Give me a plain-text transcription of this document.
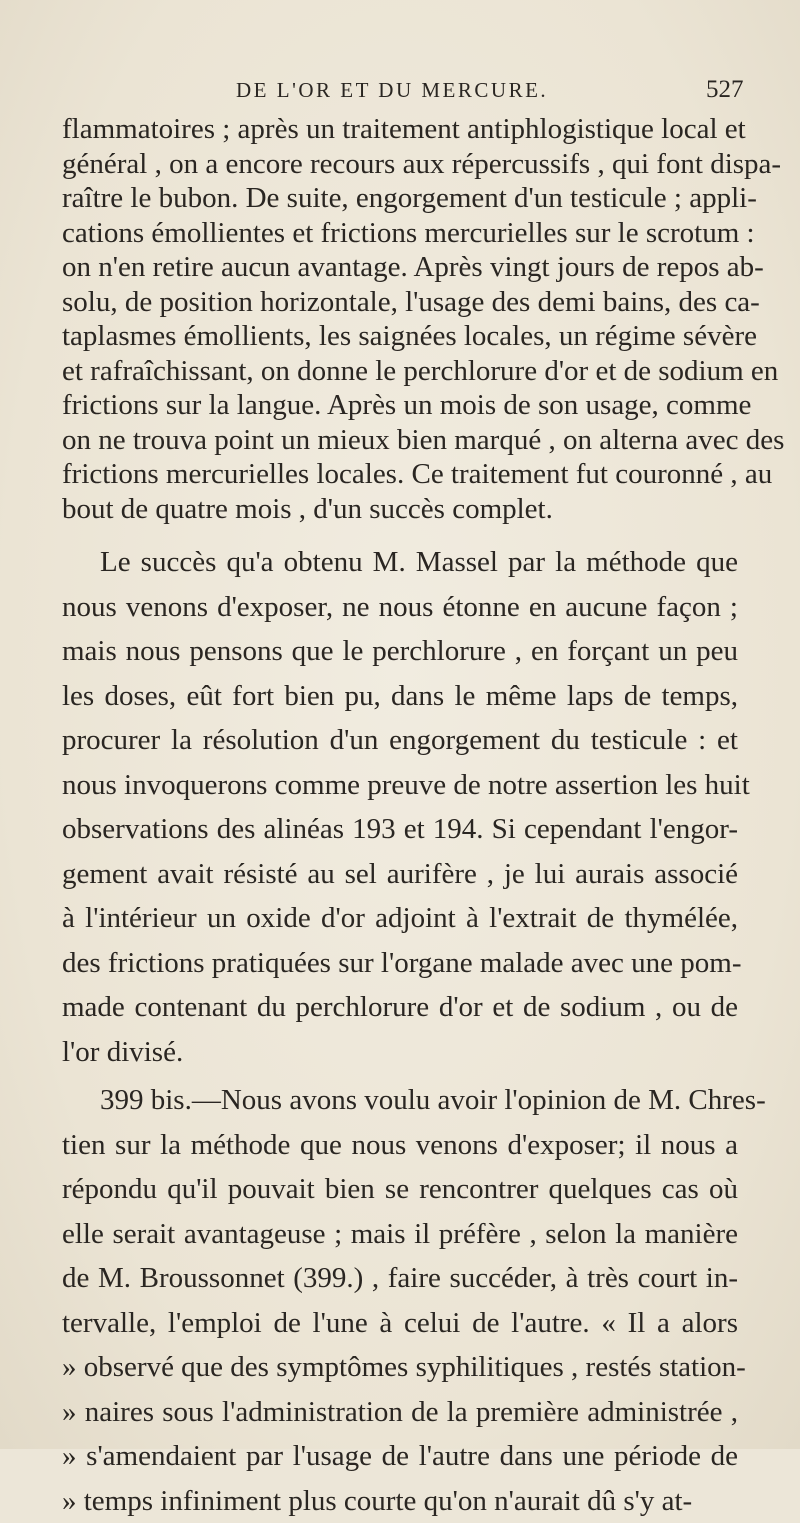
DE L'OR ET DU MERCURE.	527
flammatoires ; après un traitement antiphlogistique local et
général , on a encore recours aux répercussifs , qui font dispa-
raître le bubon. De suite, engorgement d'un testicule ; appli-
cations émollientes et frictions mercurielles sur le scrotum :
on n'en retire aucun avantage. Après vingt jours de repos ab-
solu, de position horizontale, l'usage des demi bains, des ca-
taplasmes émollients, les saignées locales, un régime sévère
et rafraîchissant, on donne le perchlorure d'or et de sodium en
frictions sur la langue. Après un mois de son usage, comme
on ne trouva point un mieux bien marqué , on alterna avec des
frictions mercurielles locales. Ce traitement fut couronné , au
bout de quatre mois , d'un succès complet.
Le succès qu'a obtenu M. Massel par la méthode que
nous venons d'exposer, ne nous étonne en aucune façon ;
mais nous pensons que le perchlorure , en forçant un peu
les doses, eût fort bien pu, dans le même laps de temps,
procurer la résolution d'un engorgement du testicule : et
nous invoquerons comme preuve de notre assertion les huit
observations des alinéas 193 et 194. Si cependant l'engor-
gement avait résisté au sel aurifère , je lui aurais associé
à l'intérieur un oxide d'or adjoint à l'extrait de thymélée,
des frictions pratiquées sur l'organe malade avec une pom-
made contenant du perchlorure d'or et de sodium , ou de
l'or divisé.
399 bis.—Nous avons voulu avoir l'opinion de M. Chres-
tien sur la méthode que nous venons d'exposer; il nous a
répondu qu'il pouvait bien se rencontrer quelques cas où
elle serait avantageuse ; mais il préfère , selon la manière
de M. Broussonnet (399.) , faire succéder, à très court in-
tervalle, l'emploi de l'une à celui de l'autre. « Il a alors
» observé que des symptômes syphilitiques , restés station-
» naires sous l'administration de la première administrée ,
» s'amendaient par l'usage de l'autre dans une période de
» temps infiniment plus courte qu'on n'aurait dû s'y at-
